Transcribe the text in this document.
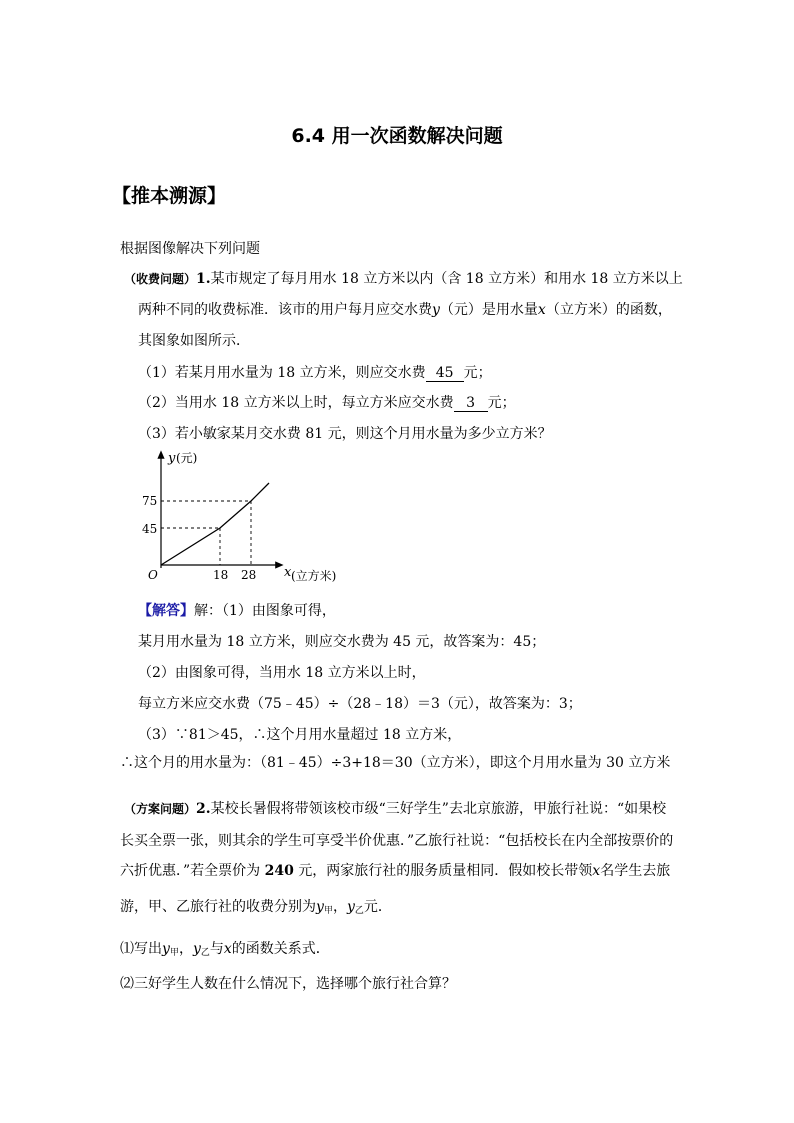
6.4 用一次函数解决问题
【推本溯源】
根据图像解决下列问题
（收费问题）1.某市规定了每月用水 18 立方米以内（含 18 立方米）和用水 18 立方米以上
两种不同的收费标准．该市的用户每月应交水费y（元）是用水量x（立方米）的函数，
其图象如图所示．
（1）若某月用水量为 18 立方米，则应交水费 45 元；
（2）当用水 18 立方米以上时，每立方米应交水费 3 元；
（3）若小敏家某月交水费 81 元，则这个月用水量为多少立方米？
y (元)
75
45
O	18 28 x (立方米)
【解答】解：（1）由图象可得，
某月用水量为 18 立方米，则应交水费为 45 元，故答案为：45；
（2）由图象可得，当用水 18 立方米以上时，
每立方米应交水费（75﹣45）÷（28﹣18）＝3（元），故答案为：3；
（3）∵81＞45，∴这个月用水量超过 18 立方米，
∴这个月的用水量为：（81﹣45）÷3+18＝30（立方米），即这个月用水量为 30 立方米
（方案问题）2.某校长暑假将带领该校市级“三好学生”去北京旅游，甲旅行社说：“如果校
长买全票一张，则其余的学生可享受半价优惠．”乙旅行社说：“包括校长在内全部按票价的
六折优惠．”若全票价为 240 元，两家旅行社的服务质量相同．假如校长带领x名学生去旅
游，甲、乙旅行社的收费分别为$y_甲$，$y_乙$元．
⑴写出$y_甲$，$y_乙$与x的函数关系式．
⑵三好学生人数在什么情况下，选择哪个旅行社合算？
